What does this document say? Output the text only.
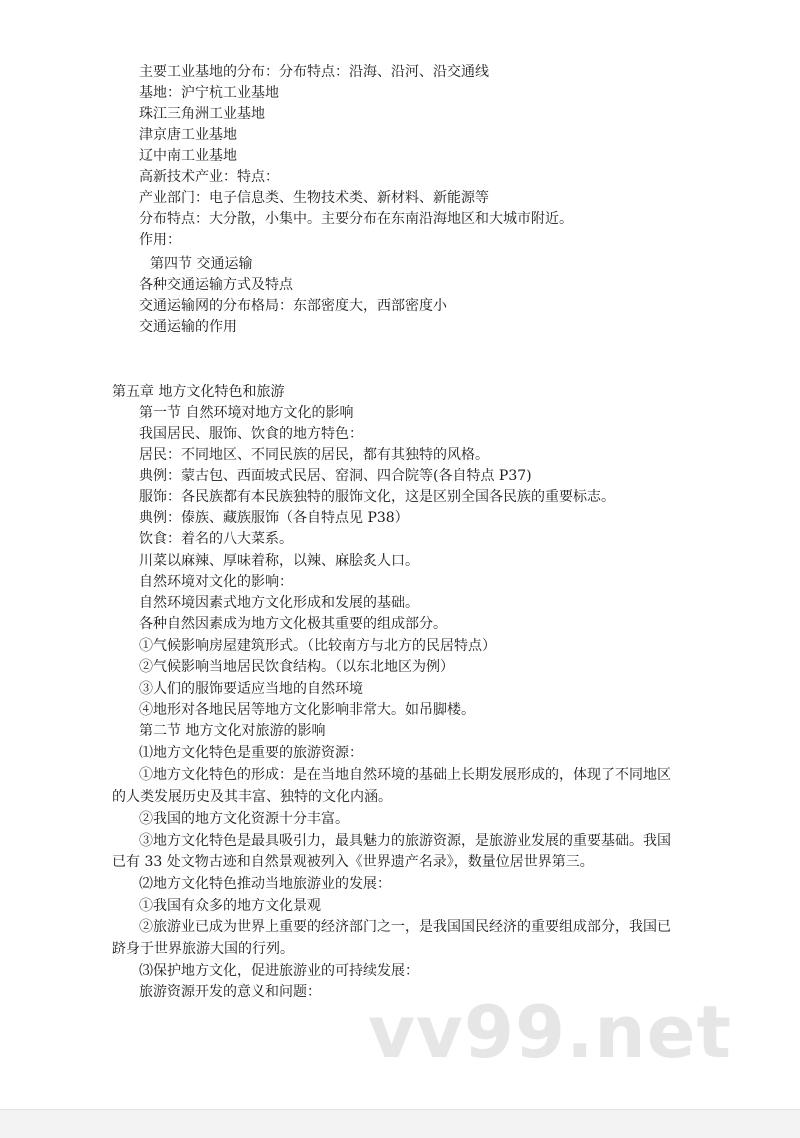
主要工业基地的分布：分布特点：沿海、沿河、沿交通线
基地：沪宁杭工业基地
珠江三角洲工业基地
津京唐工业基地
辽中南工业基地
高新技术产业：特点：
产业部门：电子信息类、生物技术类、新材料、新能源等
分布特点：大分散，小集中。主要分布在东南沿海地区和大城市附近。
作用：
第四节 交通运输
各种交通运输方式及特点
交通运输网的分布格局：东部密度大，西部密度小
交通运输的作用
第五章 地方文化特色和旅游
第一节 自然环境对地方文化的影响
我国居民、服饰、饮食的地方特色：
居民：不同地区、不同民族的居民，都有其独特的风格。
典例：蒙古包、西面坡式民居、窑洞、四合院等(各自特点 P37)
服饰：各民族都有本民族独特的服饰文化，这是区别全国各民族的重要标志。
典例：傣族、藏族服饰（各自特点见 P38）
饮食：着名的八大菜系。
川菜以麻辣、厚味着称，以辣、麻脍炙人口。
自然环境对文化的影响：
自然环境因素式地方文化形成和发展的基础。
各种自然因素成为地方文化极其重要的组成部分。
①气候影响房屋建筑形式。（比较南方与北方的民居特点）
②气候影响当地居民饮食结构。（以东北地区为例）
③人们的服饰要适应当地的自然环境
④地形对各地民居等地方文化影响非常大。如吊脚楼。
第二节 地方文化对旅游的影响
⑴地方文化特色是重要的旅游资源：
①地方文化特色的形成：是在当地自然环境的基础上长期发展形成的，体现了不同地区
的人类发展历史及其丰富、独特的文化内涵。
②我国的地方文化资源十分丰富。
③地方文化特色是最具吸引力，最具魅力的旅游资源，是旅游业发展的重要基础。我国
已有 33 处文物古迹和自然景观被列入《世界遗产名录》，数量位居世界第三。
⑵地方文化特色推动当地旅游业的发展：
①我国有众多的地方文化景观
②旅游业已成为世界上重要的经济部门之一，是我国国民经济的重要组成部分，我国已
跻身于世界旅游大国的行列。
⑶保护地方文化，促进旅游业的可持续发展：
旅游资源开发的意义和问题： vv99.net
